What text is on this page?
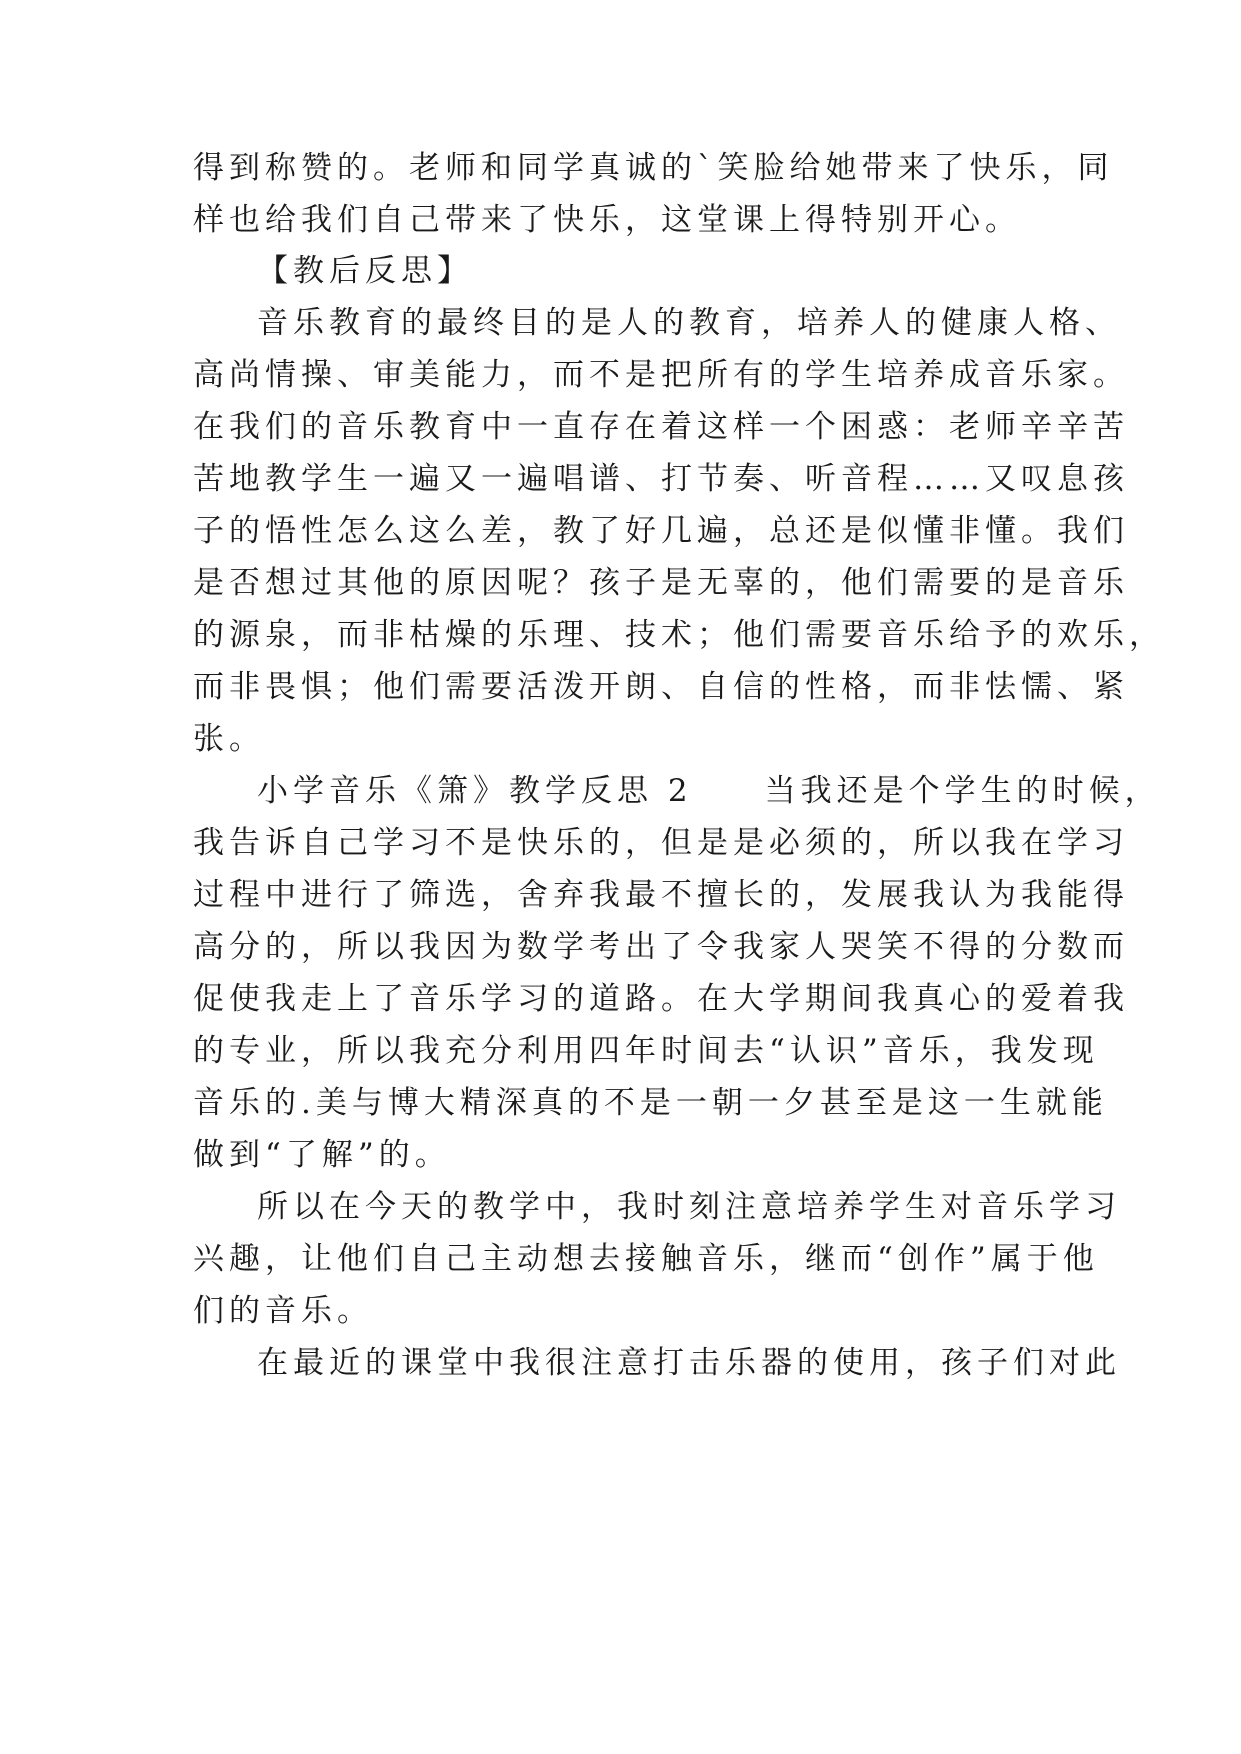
得到称赞的。老师和同学真诚的`笑脸给她带来了快乐，同
样也给我们自己带来了快乐，这堂课上得特别开心。
【教后反思】
音乐教育的最终目的是人的教育，培养人的健康人格、
高尚情操、审美能力，而不是把所有的学生培养成音乐家。
在我们的音乐教育中一直存在着这样一个困惑：老师辛辛苦
苦地教学生一遍又一遍唱谱、打节奏、听音程……又叹息孩
子的悟性怎么这么差，教了好几遍，总还是似懂非懂。我们
是否想过其他的原因呢？孩子是无辜的，他们需要的是音乐
的源泉，而非枯燥的乐理、技术；他们需要音乐给予的欢乐，
而非畏惧；他们需要活泼开朗、自信的性格，而非怯懦、紧
张。
小学音乐《箫》教学反思 2　　当我还是个学生的时候，
我告诉自己学习不是快乐的，但是是必须的，所以我在学习
过程中进行了筛选，舍弃我最不擅长的，发展我认为我能得
高分的，所以我因为数学考出了令我家人哭笑不得的分数而
促使我走上了音乐学习的道路。在大学期间我真心的爱着我
的专业，所以我充分利用四年时间去“认识”音乐，我发现
音乐的.美与博大精深真的不是一朝一夕甚至是这一生就能
做到“了解”的。
所以在今天的教学中，我时刻注意培养学生对音乐学习
兴趣，让他们自己主动想去接触音乐，继而“创作”属于他
们的音乐。
在最近的课堂中我很注意打击乐器的使用，孩子们对此
